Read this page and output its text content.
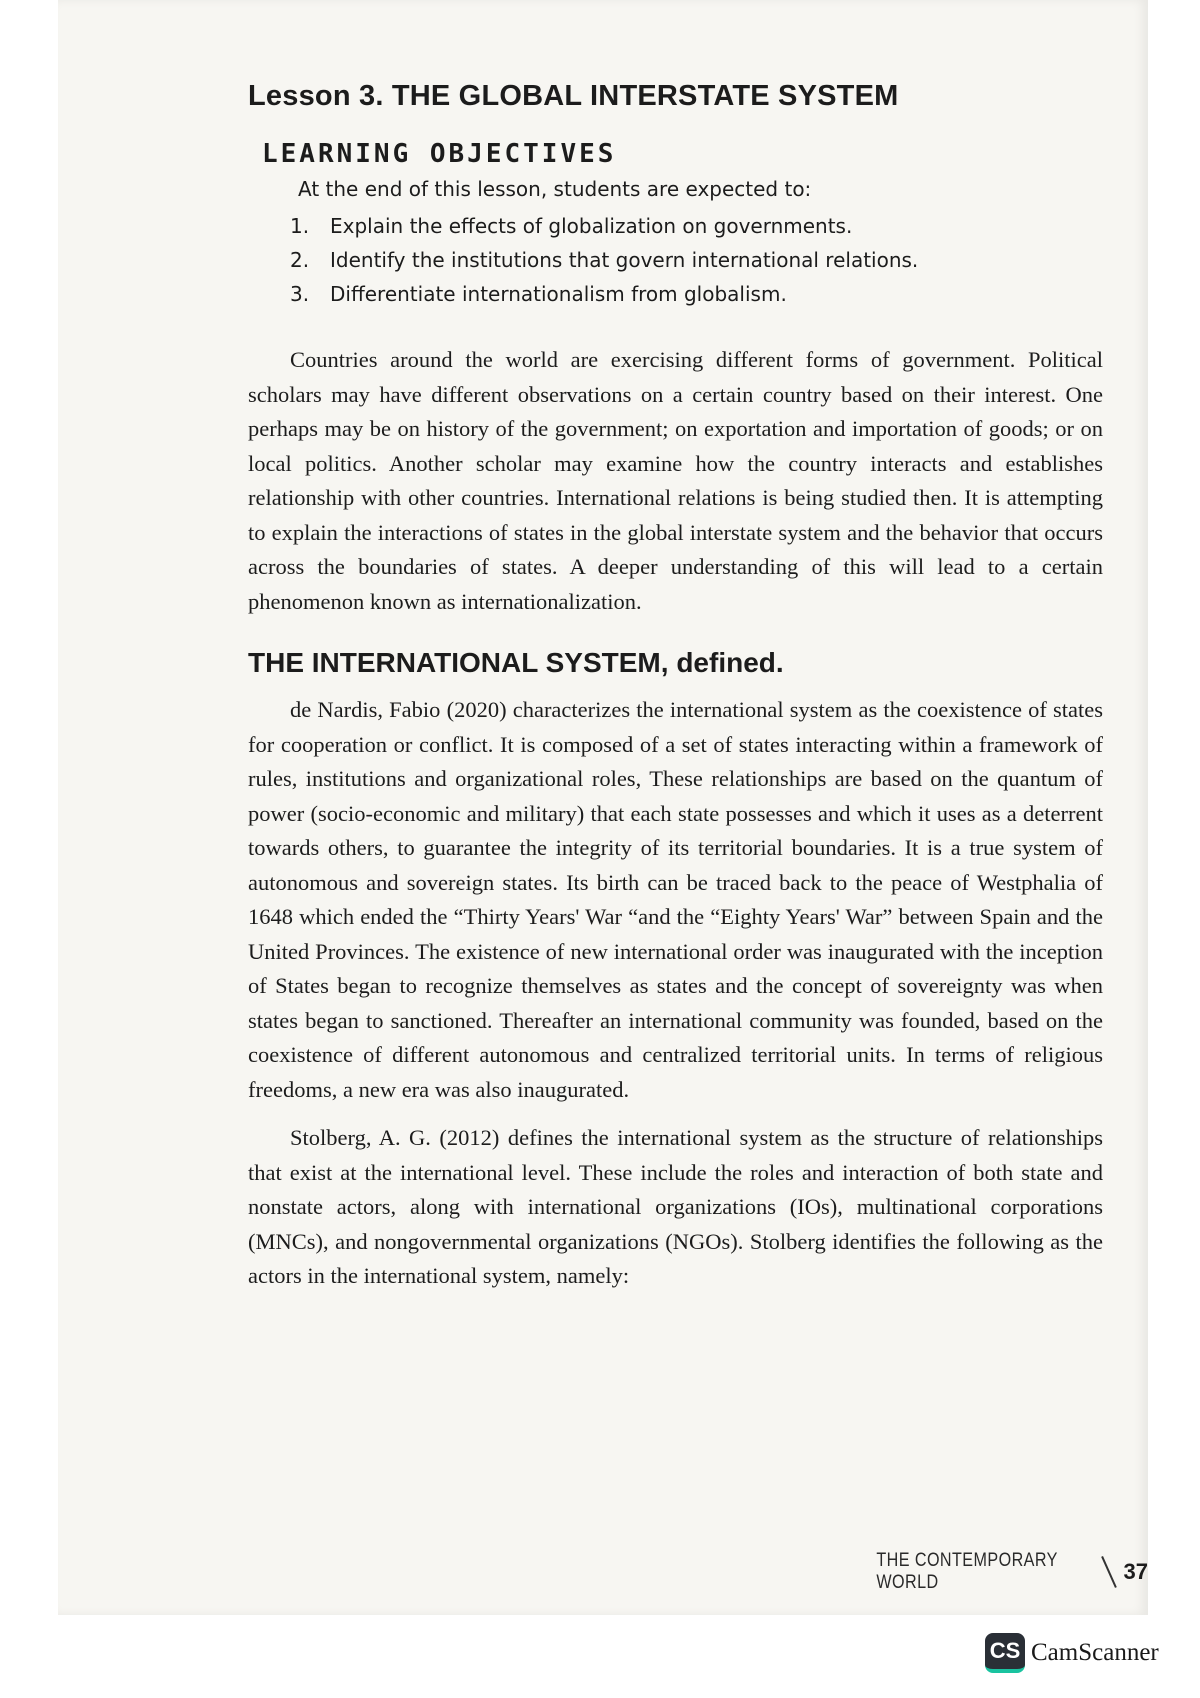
Lesson 3. THE GLOBAL INTERSTATE SYSTEM
LEARNING OBJECTIVES
At the end of this lesson, students are expected to:
1.	Explain the effects of globalization on governments.
2.	Identify the institutions that govern international relations.
3.	Differentiate internationalism from globalism.

Countries around the world are exercising different forms of government. Political scholars may have different observations on a certain country based on their interest. One perhaps may be on history of the government; on exportation and importation of goods; or on local politics. Another scholar may examine how the country interacts and establishes relationship with other countries. International relations is being studied then. It is attempting to explain the interactions of states in the global interstate system and the behavior that occurs across the boundaries of states. A deeper understanding of this will lead to a certain phenomenon known as internationalization.

THE INTERNATIONAL SYSTEM, defined.

de Nardis, Fabio (2020) characterizes the international system as the coexistence of states for cooperation or conflict. It is composed of a set of states interacting within a framework of rules, institutions and organizational roles, These relationships are based on the quantum of power (socio-economic and military) that each state possesses and which it uses as a deterrent towards others, to guarantee the integrity of its territorial boundaries. It is a true system of autonomous and sovereign states. Its birth can be traced back to the peace of Westphalia of 1648 which ended the “Thirty Years' War “and the “Eighty Years' War” between Spain and the United Provinces. The existence of new international order was inaugurated with the inception of States began to recognize themselves as states and the concept of sovereignty was when states began to sanctioned. Thereafter an international community was founded, based on the coexistence of different autonomous and centralized territorial units. In terms of religious freedoms, a new era was also inaugurated.

Stolberg, A. G. (2012) defines the international system as the structure of relationships that exist at the international level. These include the roles and interaction of both state and nonstate actors, along with international organizations (IOs), multinational corporations (MNCs), and nongovernmental organizations (NGOs). Stolberg identifies the following as the actors in the international system, namely:

THE CONTEMPORARY WORLD	37
CS CamScanner
